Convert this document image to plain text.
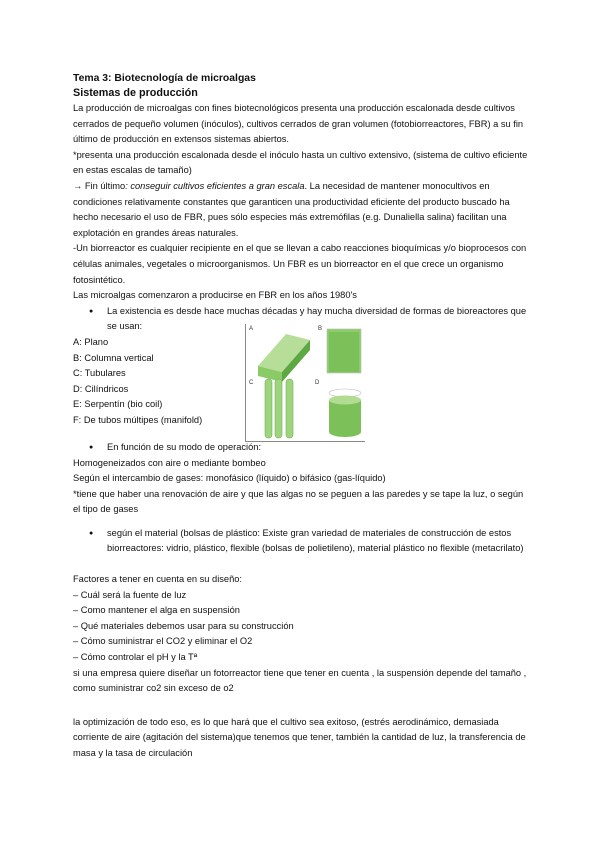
Tema 3: Biotecnología de microalgas

Sistemas de producción

La producción de microalgas con fines biotecnológicos presenta una producción escalonada desde cultivos cerrados de pequeño volumen (inóculos), cultivos cerrados de gran volumen (fotobiorreactores, FBR) a su fin último de producción en extensos sistemas abiertos.

*presenta una producción escalonada desde el inóculo hasta un cultivo extensivo, (sistema de cultivo eficiente en estas escalas de tamaño)

→ Fin último: conseguir cultivos eficientes a gran escala. La necesidad de mantener monocultivos en condiciones relativamente constantes que garanticen una productividad eficiente del producto buscado ha hecho necesario el uso de FBR, pues sólo especies más extremófilas (e.g. Dunaliella salina) facilitan una explotación en grandes áreas naturales.

-Un biorreactor es cualquier recipiente en el que se llevan a cabo reacciones bioquímicas y/o bioprocesos con células animales, vegetales o microorganismos. Un FBR es un biorreactor en el que crece un organismo fotosintético.

Las microalgas comenzaron a producirse en FBR en los años 1980's

● La existencia es desde hace muchas décadas y hay mucha diversidad de formas de bioreactores que se usan:
A: Plano
B: Columna vertical
C: Tubulares
D: Cilíndricos
E: Serpentín (bio coil)
F: De tubos múltipes (manifold)
A	B
C	D
● En función de su modo de operación:

Homogeneizados con aire o mediante bombeo

Según el intercambio de gases: monofásico (líquido) o bifásico (gas-líquido)

*tiene que haber una renovación de aire y que las algas no se peguen a las paredes y se tape la luz, o según el tipo de gases

● según el material (bolsas de plástico: Existe gran variedad de materiales de construcción de estos biorreactores: vidrio, plástico, flexible (bolsas de polietileno), material plástico no flexible (metacrilato)

Factores a tener en cuenta en su diseño:

– Cuál será la fuente de luz

– Como mantener el alga en suspensión

– Qué materiales debemos usar para su construcción

– Cómo suministrar el CO2 y eliminar el O2

– Cómo controlar el pH y la Tª

si una empresa quiere diseñar un fotorreactor tiene que tener en cuenta , la suspensión depende del tamaño , como suministrar co2 sin exceso de o2

la optimización de todo eso, es lo que hará que el cultivo sea exitoso, (estrés aerodinámico, demasiada corriente de aire (agitación del sistema)que tenemos que tener, también la cantidad de luz, la transferencia de masa y la tasa de circulación
